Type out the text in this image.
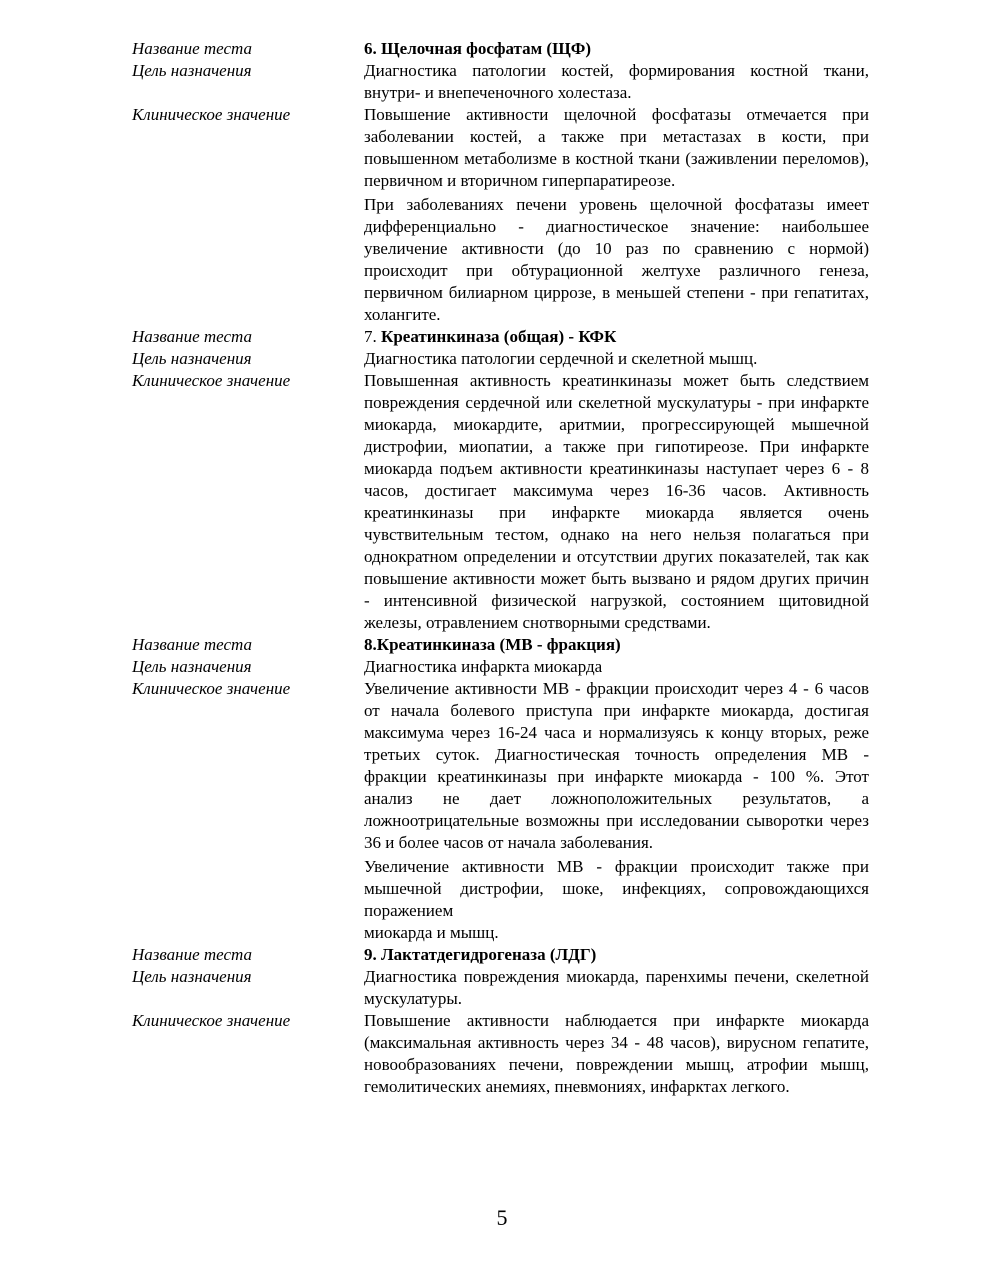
Название теста	6. Щелочная фосфатам (ЩФ)
Цель назначения	Диагностика патологии костей, формирования костной ткани, внутри- и внепеченочного холестаза.

Клиническое значение	Повышение активности щелочной фосфатазы отмечается при заболевании костей, а также при метастазах в кости, при повышенном метаболизме в костной ткани (заживлении переломов), первичном и вторичном гиперпаратиреозе.

При заболеваниях печени уровень щелочной фосфатазы имеет дифференциально - диагностическое значение: наибольшее увеличение активности (до 10 раз по сравнению с нормой) происходит при обтурационной желтухе различного генеза, первичном билиарном циррозе, в меньшей степени - при гепатитах, холангите.

Название теста	7. Креатинкиназа (общая) - КФК
Цель назначения	Диагностика патологии сердечной и скелетной мышц.

Клиническое значение	Повышенная активность креатинкиназы может быть следствием повреждения сердечной или скелетной мускулатуры - при инфаркте миокарда, миокардите, аритмии, прогрессирующей мышечной дистрофии, миопатии, а также при гипотиреозе. При инфаркте миокарда подъем активности креатинкиназы наступает через 6 - 8 часов, достигает максимума через 16-36 часов. Активность креатинкиназы при инфаркте миокарда является очень чувствительным тестом, однако на него нельзя полагаться при однократном определении и отсутствии других показателей, так как повышение активности может быть вызвано и рядом других причин - интенсивной физической нагрузкой, состоянием щитовидной железы, отравлением снотворными средствами.

Название теста	8.Креатинкиназа (МВ - фракция)
Цель назначения	Диагностика инфаркта миокарда

Клиническое значение	Увеличение активности МВ - фракции происходит через 4 - 6 часов от начала болевого приступа при инфаркте миокарда, достигая максимума через 16-24 часа и нормализуясь к концу вторых, реже третьих суток. Диагностическая точность определения МВ - фракции креатинкиназы при инфаркте миокарда - 100 %. Этот анализ не дает ложноположительных результатов, а ложноотрицательные возможны при исследовании сыворотки через 36 и более часов от начала заболевания.

Увеличение активности МВ - фракции происходит также при мышечной дистрофии, шоке, инфекциях, сопровождающихся поражением

миокарда и мышц.

Название теста	9. Лактатдегидрогеназа (ЛДГ)
Цель назначения	Диагностика повреждения миокарда, паренхимы печени, скелетной мускулатуры.

Клиническое значение	Повышение активности наблюдается при инфаркте миокарда (максимальная активность через 34 - 48 часов), вирусном гепатите, новообразованиях печени, повреждении мышц, атрофии мышц, гемолитических анемиях, пневмониях, инфарктах легкого.

5
